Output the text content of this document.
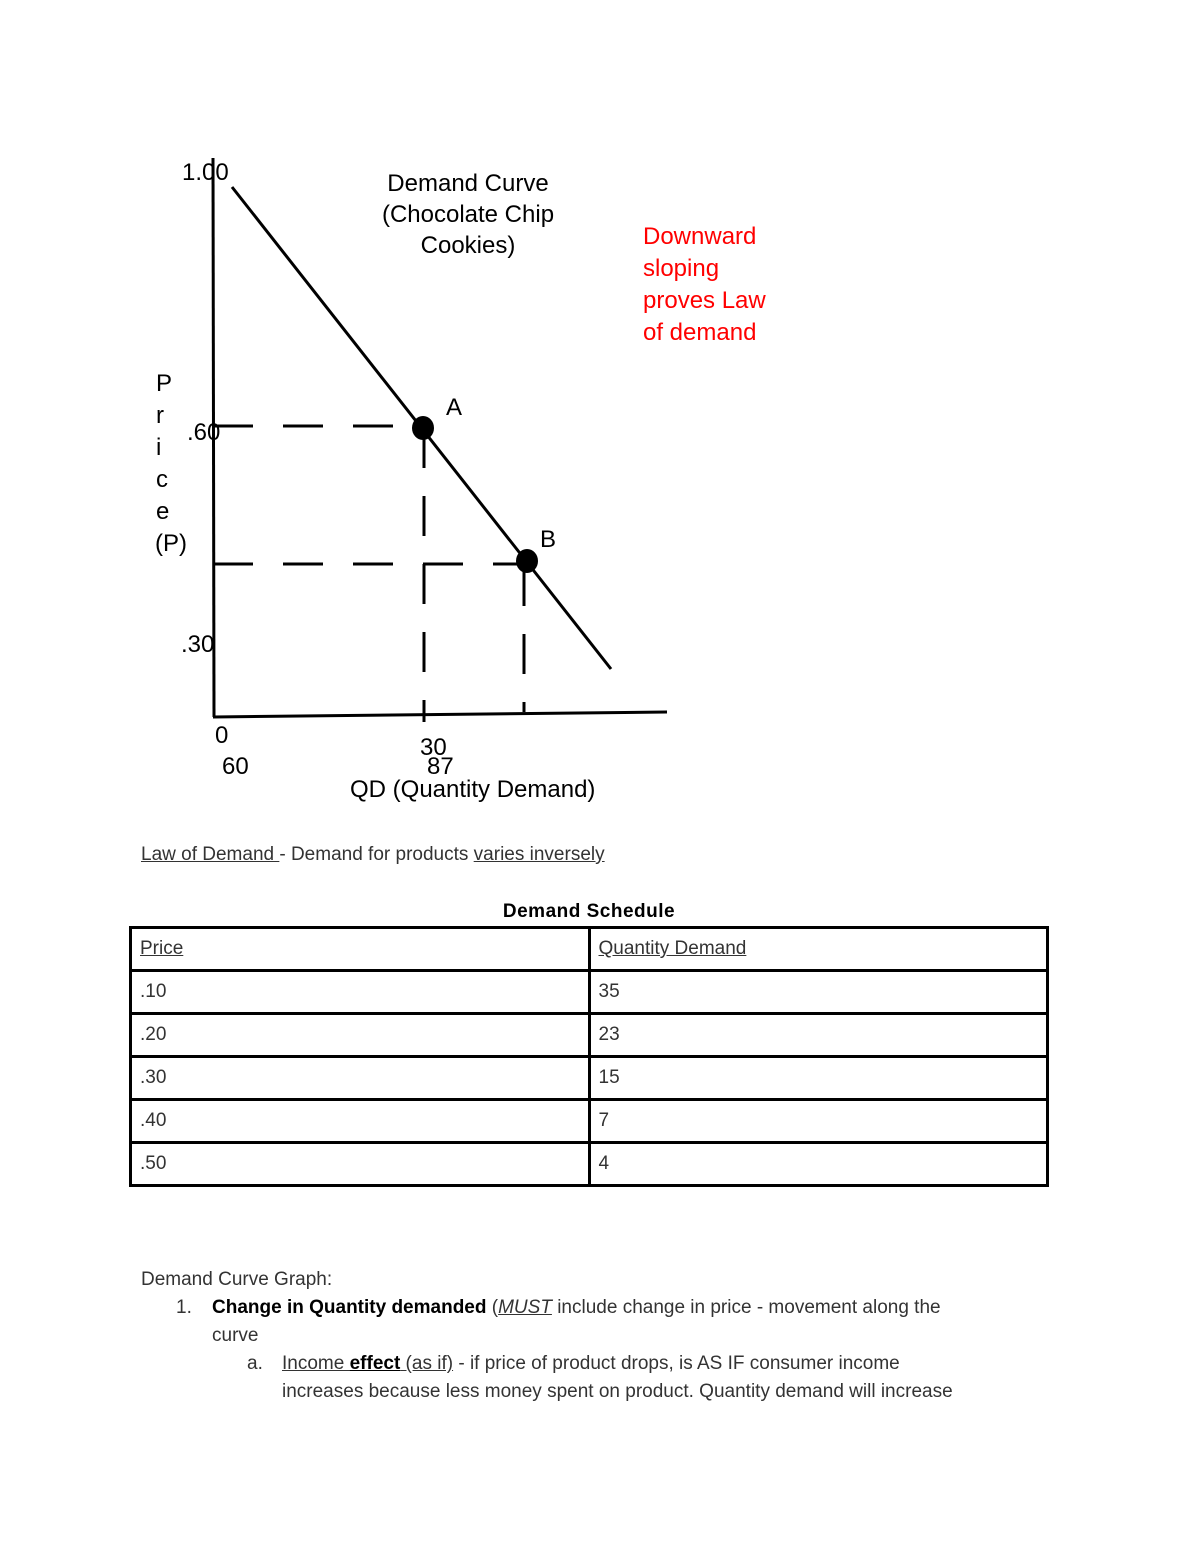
Demand Curve
(Chocolate Chip
Cookies)
1.00
.60
.30
A
B
0	30
60	87
QD (Quantity Demand)
P
r
i
c
e
(P)
Downward
sloping
proves Law
of demand
Law of Demand - Demand for products varies inversely
Demand Schedule
Price	Quantity Demand
.10	35
.20	23
.30	15
.40	7
.50	4
Demand Curve Graph:
1. Change in Quantity demanded (MUST include change in price - movement along the
curve
a. Income effect (as if) - if price of product drops, is AS IF consumer income
increases because less money spent on product. Quantity demand will increase
